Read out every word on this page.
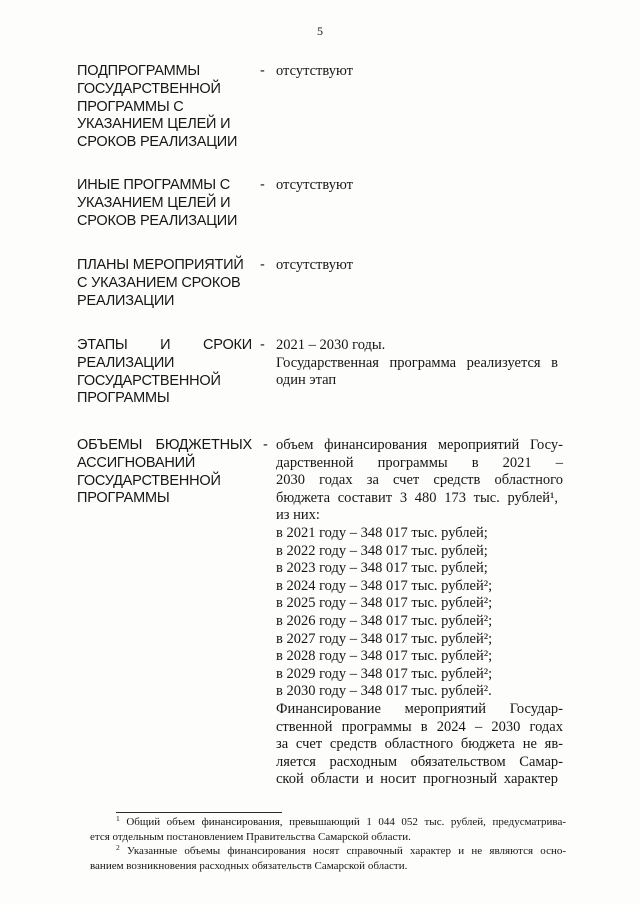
5
ПОДПРОГРАММЫ
ГОСУДАРСТВЕННОЙ
ПРОГРАММЫ С
УКАЗАНИЕМ ЦЕЛЕЙ И
СРОКОВ РЕАЛИЗАЦИИ
- отсутствуют
ИНЫЕ ПРОГРАММЫ С
УКАЗАНИЕМ ЦЕЛЕЙ И
СРОКОВ РЕАЛИЗАЦИИ
- отсутствуют
ПЛАНЫ МЕРОПРИЯТИЙ
С УКАЗАНИЕМ СРОКОВ
РЕАЛИЗАЦИИ
- отсутствуют
ЭТАПЫ И СРОКИ
РЕАЛИЗАЦИИ
ГОСУДАРСТВЕННОЙ
ПРОГРАММЫ
- 2021 – 2030 годы.
Государственная программа реализуется в
один этап
ОБЪЕМЫ БЮДЖЕТНЫХ
АССИГНОВАНИЙ
ГОСУДАРСТВЕННОЙ
ПРОГРАММЫ
- объем финансирования мероприятий Госу-
дарственной программы в 2021 –
2030 годах за счет средств областного
бюджета составит 3 480 173 тыс. рублей¹,
из них:
в 2021 году – 348 017 тыс. рублей;
в 2022 году – 348 017 тыс. рублей;
в 2023 году – 348 017 тыс. рублей;
в 2024 году – 348 017 тыс. рублей²;
в 2025 году – 348 017 тыс. рублей²;
в 2026 году – 348 017 тыс. рублей²;
в 2027 году – 348 017 тыс. рублей²;
в 2028 году – 348 017 тыс. рублей²;
в 2029 году – 348 017 тыс. рублей²;
в 2030 году – 348 017 тыс. рублей².
Финансирование мероприятий Государ-
ственной программы в 2024 – 2030 годах
за счет средств областного бюджета не яв-
ляется расходным обязательством Самар-
ской области и носит прогнозный характер
$^1$ Общий объем финансирования, превышающий 1 044 052 тыс. рублей, предусматрива-
ется отдельным постановлением Правительства Самарской области.
$^2$ Указанные объемы финансирования носят справочный характер и не являются осно-
ванием возникновения расходных обязательств Самарской области.
